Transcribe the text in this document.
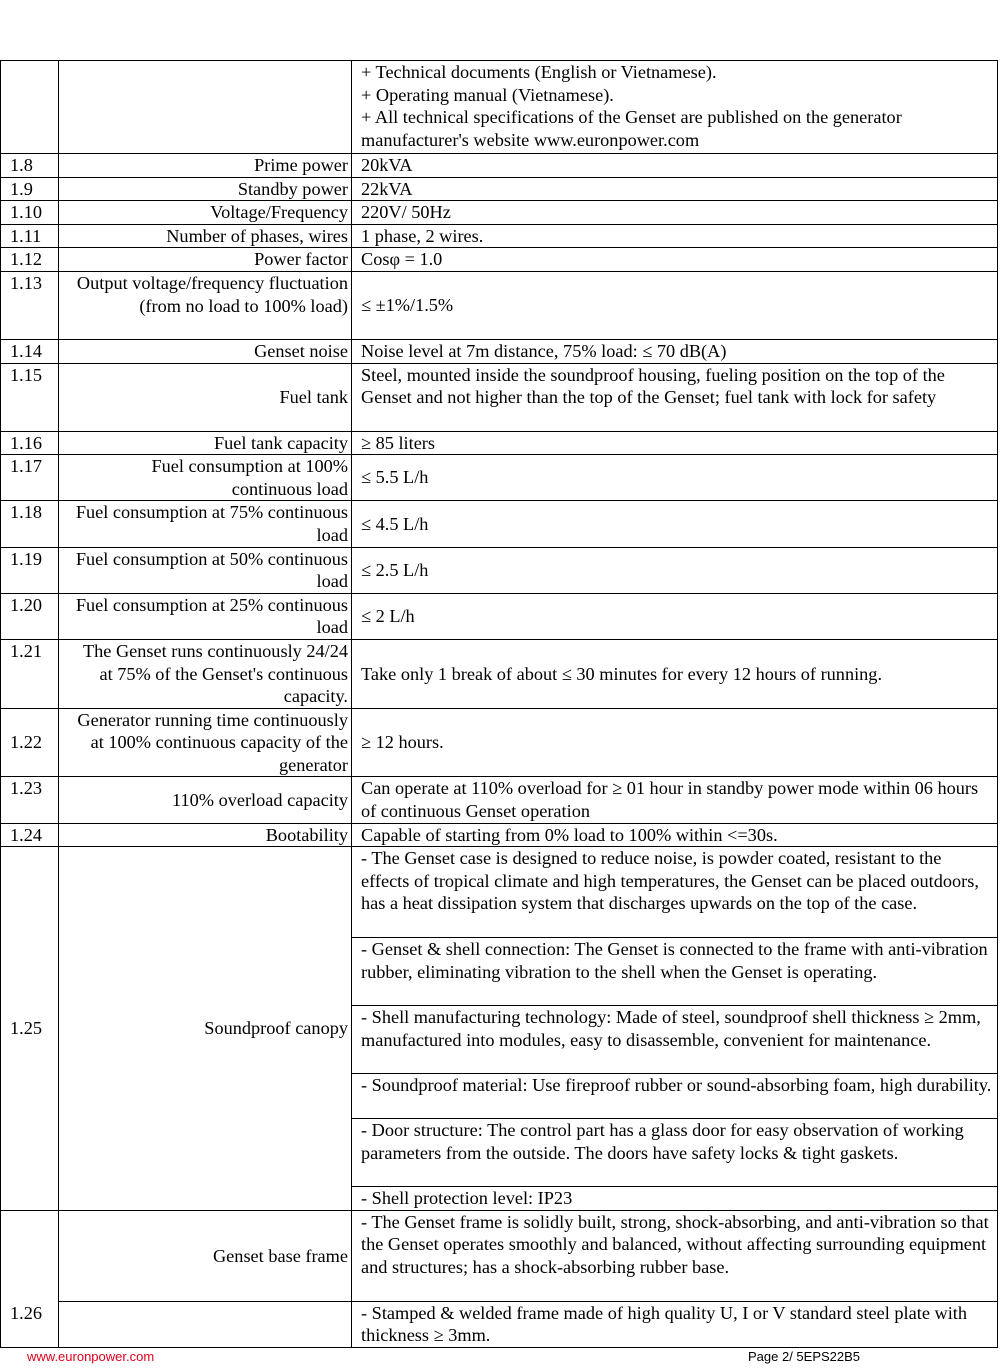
		+ Technical documents (English or Vietnamese).
+ Operating manual (Vietnamese).
+ All technical specifications of the Genset are published on the generator manufacturer's website www.euronpower.com

1.8	Prime power	20kVA
1.9	Standby power	22kVA
1.10	Voltage/Frequency	220V/ 50Hz
1.11	Number of phases, wires	1 phase, 2 wires.
1.12	Power factor	Cosφ = 1.0
1.13	Output voltage/frequency fluctuation (from no load to 100% load)	≤ ±1%/1.5%
1.14	Genset noise	Noise level at 7m distance, 75% load: ≤ 70 dB(A)
1.15	Fuel tank	Steel, mounted inside the soundproof housing, fueling position on the top of the Genset and not higher than the top of the Genset; fuel tank with lock for safety
1.16	Fuel tank capacity	≥ 85 liters
1.17	Fuel consumption at 100% continuous load	≤ 5.5 L/h
1.18	Fuel consumption at 75% continuous load	≤ 4.5 L/h
1.19	Fuel consumption at 50% continuous load	≤ 2.5 L/h
1.20	Fuel consumption at 25% continuous load	≤ 2 L/h
1.21	The Genset runs continuously 24/24 at 75% of the Genset's continuous capacity.	Take only 1 break of about ≤ 30 minutes for every 12 hours of running.
1.22	Generator running time continuously at 100% continuous capacity of the generator	≥ 12 hours.
1.23	110% overload capacity	Can operate at 110% overload for ≥ 01 hour in standby power mode within 06 hours of continuous Genset operation
1.24	Bootability	Capable of starting from 0% load to 100% within <=30s.
1.25	Soundproof canopy	- The Genset case is designed to reduce noise, is powder coated, resistant to the effects of tropical climate and high temperatures, the Genset can be placed outdoors, has a heat dissipation system that discharges upwards on the top of the case.
		- Genset & shell connection: The Genset is connected to the frame with anti-vibration rubber, eliminating vibration to the shell when the Genset is operating.
		- Shell manufacturing technology: Made of steel, soundproof shell thickness ≥ 2mm, manufactured into modules, easy to disassemble, convenient for maintenance.
		- Soundproof material: Use fireproof rubber or sound-absorbing foam, high durability.
		- Door structure: The control part has a glass door for easy observation of working parameters from the outside. The doors have safety locks & tight gaskets.
		- Shell protection level: IP23
1.26	Genset base frame	- The Genset frame is solidly built, strong, shock-absorbing, and anti-vibration so that the Genset operates smoothly and balanced, without affecting surrounding equipment and structures; has a shock-absorbing rubber base.
		- Stamped & welded frame made of high quality U, I or V standard steel plate with thickness ≥ 3mm.
www.euronpower.com	Page 2/ 5EPS22B5
